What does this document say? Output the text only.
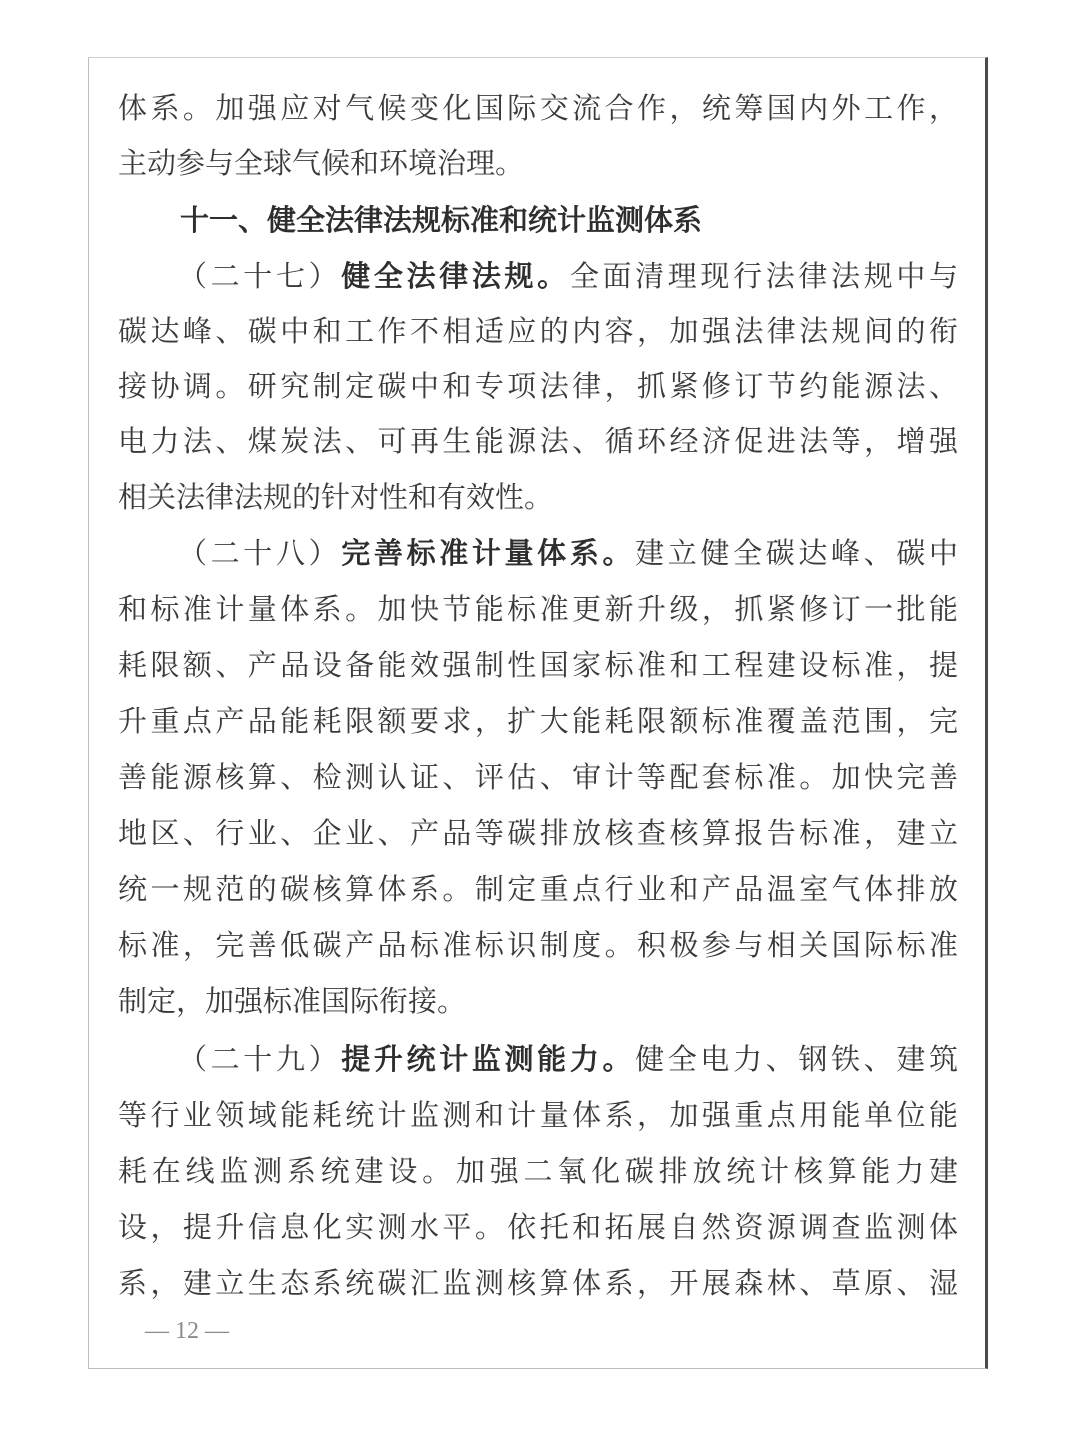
体系。加强应对气候变化国际交流合作，统筹国内外工作，
主动参与全球气候和环境治理。
十一、健全法律法规标准和统计监测体系
（二十七）健全法律法规。全面清理现行法律法规中与
碳达峰、碳中和工作不相适应的内容，加强法律法规间的衔
接协调。研究制定碳中和专项法律，抓紧修订节约能源法、
电力法、煤炭法、可再生能源法、循环经济促进法等，增强
相关法律法规的针对性和有效性。
（二十八）完善标准计量体系。建立健全碳达峰、碳中
和标准计量体系。加快节能标准更新升级，抓紧修订一批能
耗限额、产品设备能效强制性国家标准和工程建设标准，提
升重点产品能耗限额要求，扩大能耗限额标准覆盖范围，完
善能源核算、检测认证、评估、审计等配套标准。加快完善
地区、行业、企业、产品等碳排放核查核算报告标准，建立
统一规范的碳核算体系。制定重点行业和产品温室气体排放
标准，完善低碳产品标准标识制度。积极参与相关国际标准
制定，加强标准国际衔接。
（二十九）提升统计监测能力。健全电力、钢铁、建筑
等行业领域能耗统计监测和计量体系，加强重点用能单位能
耗在线监测系统建设。加强二氧化碳排放统计核算能力建
设，提升信息化实测水平。依托和拓展自然资源调查监测体
系，建立生态系统碳汇监测核算体系，开展森林、草原、湿
— 12 —
